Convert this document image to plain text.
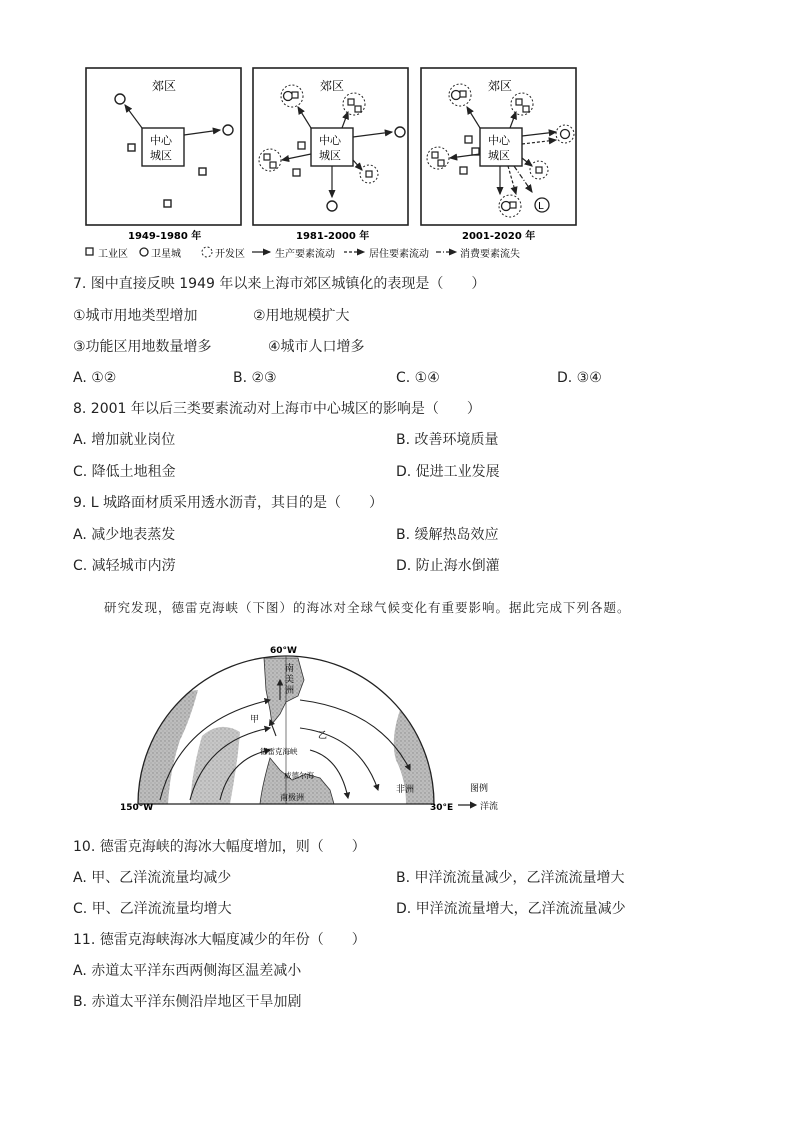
郊区	郊区	郊区
中心
城区
1949-1980 年
中心
城区
1981-2000 年
中心
城区
L
2001-2020 年
工业区 卫星城	开发区	生产要素流动	居住要素流动	消费要素流失
7. 图中直接反映 1949 年以来上海市郊区城镇化的表现是（　　）
①城市用地类型增加	②用地规模扩大
③功能区用地数量增多	④城市人口增多
A. ①②	B. ②③	C. ①④	D. ③④
8. 2001 年以后三类要素流动对上海市中心城区的影响是（　　）
A. 增加就业岗位	B. 改善环境质量
C. 降低土地租金	D. 促进工业发展
9. L 城路面材质采用透水沥青，其目的是（　　）
A. 减少地表蒸发	B. 缓解热岛效应
C. 减轻城市内涝	D. 防止海水倒灌
研究发现，德雷克海峡（下图）的海冰对全球气候变化有重要影响。据此完成下列各题。
60°W
150°W	30°E
南
美
洲
甲
乙
德雷克海峡
威德尔海
南极洲
非洲	图例
洋流
10. 德雷克海峡的海冰大幅度增加，则（　　）
A. 甲、乙洋流流量均减少	B. 甲洋流流量减少，乙洋流流量增大
C. 甲、乙洋流流量均增大	D. 甲洋流流量增大，乙洋流流量减少
11. 德雷克海峡海冰大幅度减少的年份（　　）
A. 赤道太平洋东西两侧海区温差减小
B. 赤道太平洋东侧沿岸地区干旱加剧
